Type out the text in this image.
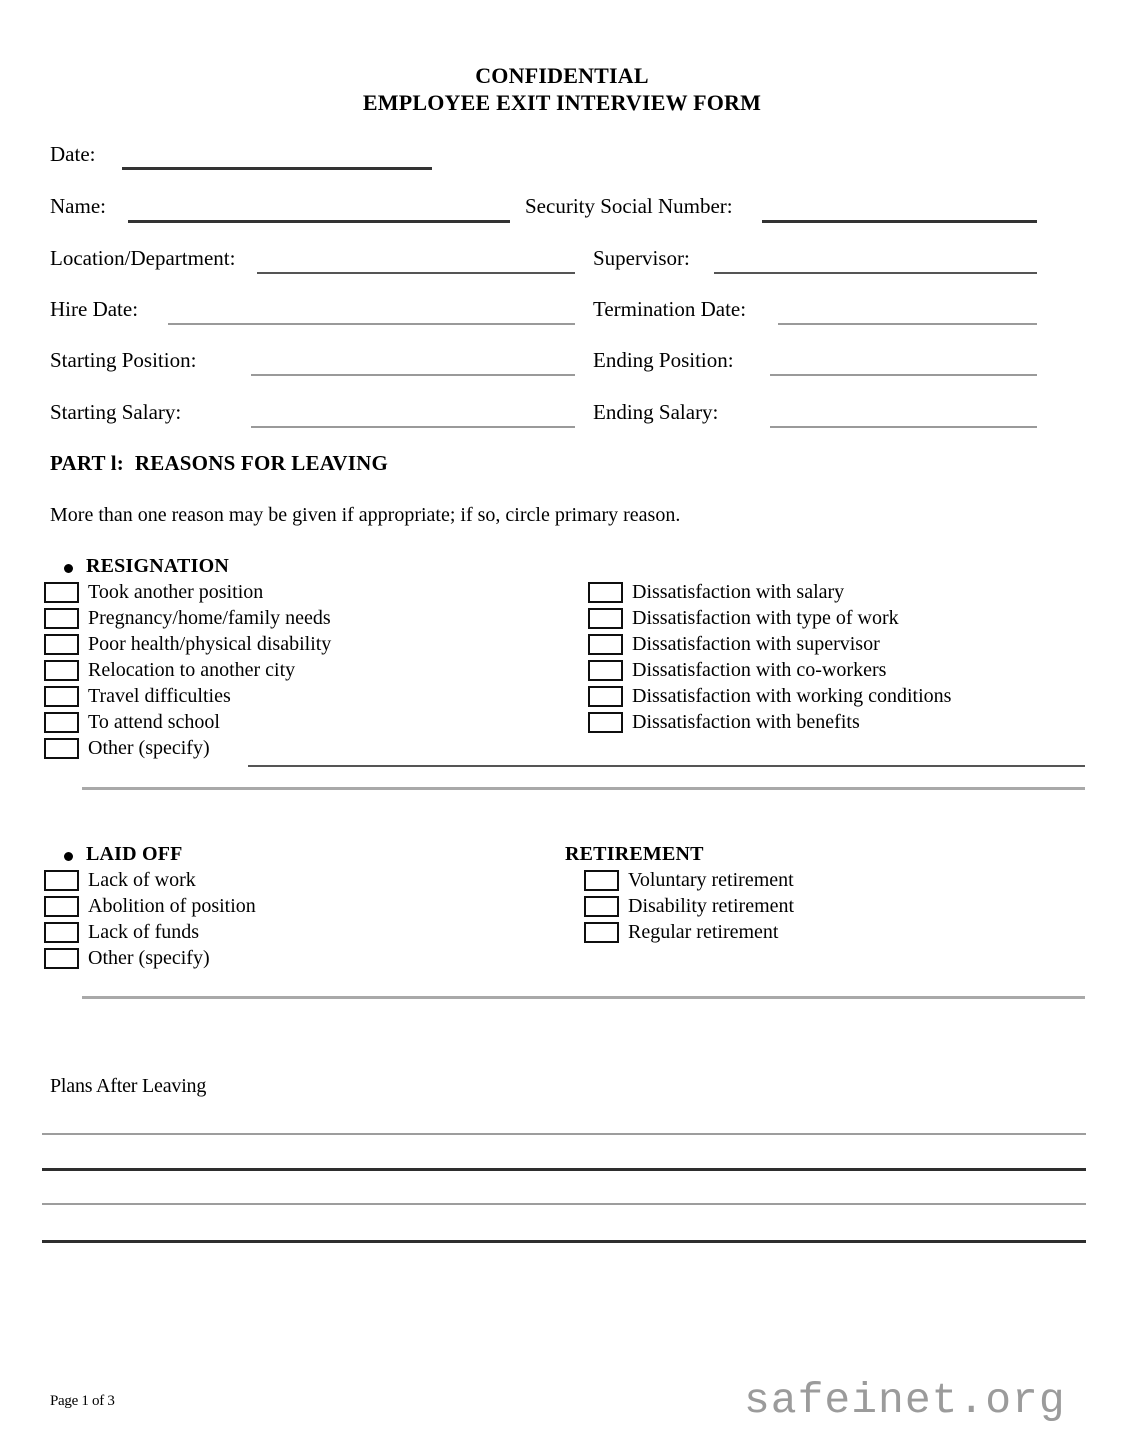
CONFIDENTIAL
EMPLOYEE EXIT INTERVIEW FORM
Date:
Name:	Security Social Number:
Location/Department:	Supervisor:
Hire Date:	Termination Date:
Starting Position:	Ending Position:
Starting Salary:	Ending Salary:
PART l:  REASONS FOR LEAVING
More than one reason may be given if appropriate; if so, circle primary reason.
RESIGNATION
Took another position
Pregnancy/home/family needs
Poor health/physical disability
Relocation to another city
Travel difficulties
To attend school
Other (specify)
Dissatisfaction with salary
Dissatisfaction with type of work
Dissatisfaction with supervisor
Dissatisfaction with co-workers
Dissatisfaction with working conditions
Dissatisfaction with benefits
LAID OFF
Lack of work
Abolition of position
Lack of funds
Other (specify)
RETIREMENT
Voluntary retirement
Disability retirement
Regular retirement
Plans After Leaving
Page 1 of 3	safeinet.org
